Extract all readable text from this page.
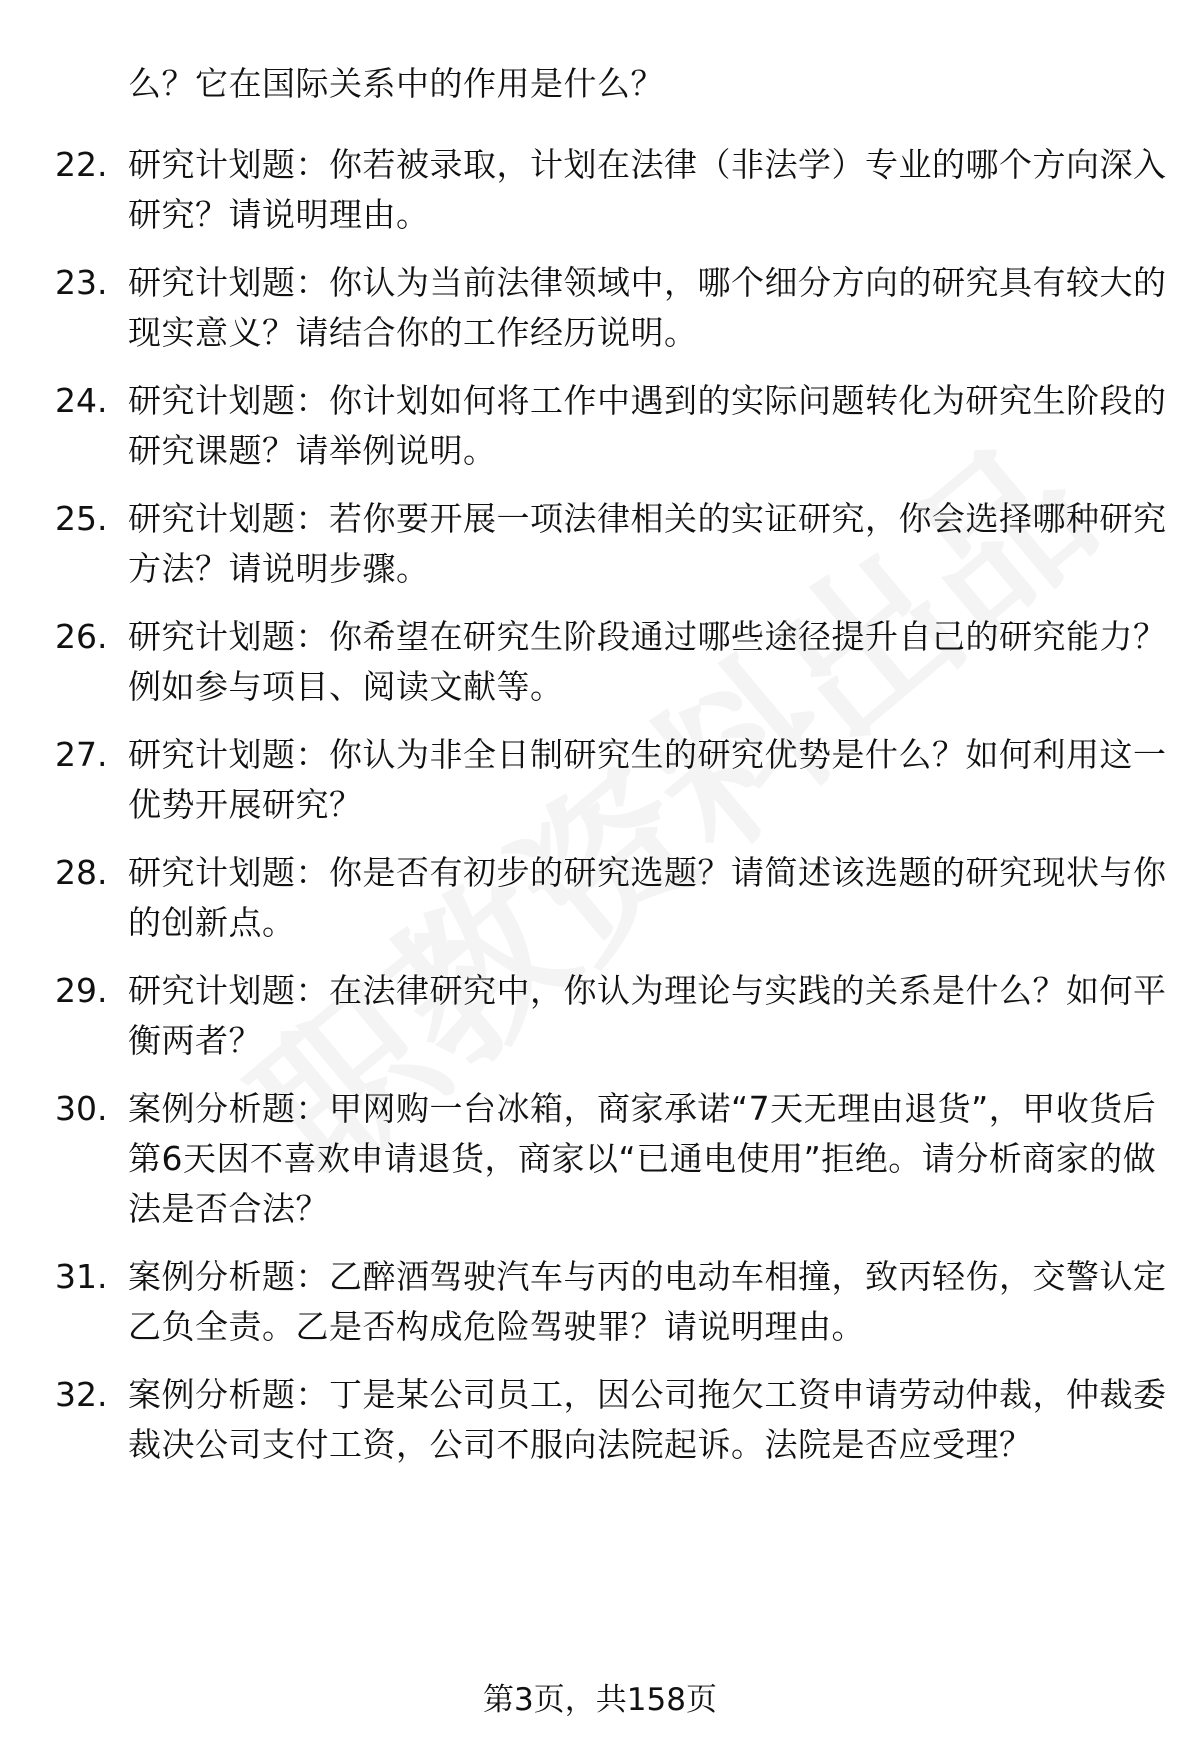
么？它在国际关系中的作用是什么？
22. 研究计划题：你若被录取，计划在法律（非法学）专业的哪个方向深入研究？请说明理由。
23. 研究计划题：你认为当前法律领域中，哪个细分方向的研究具有较大的现实意义？请结合你的工作经历说明。
24. 研究计划题：你计划如何将工作中遇到的实际问题转化为研究生阶段的研究课题？请举例说明。
25. 研究计划题：若你要开展一项法律相关的实证研究，你会选择哪种研究方法？请说明步骤。
26. 研究计划题：你希望在研究生阶段通过哪些途径提升自己的研究能力？例如参与项目、阅读文献等。
27. 研究计划题：你认为非全日制研究生的研究优势是什么？如何利用这一优势开展研究？
28. 研究计划题：你是否有初步的研究选题？请简述该选题的研究现状与你的创新点。
29. 研究计划题：在法律研究中，你认为理论与实践的关系是什么？如何平衡两者？
30. 案例分析题：甲网购一台冰箱，商家承诺“7天无理由退货”，甲收货后第6天因不喜欢申请退货，商家以“已通电使用”拒绝。请分析商家的做法是否合法？
31. 案例分析题：乙醉酒驾驶汽车与丙的电动车相撞，致丙轻伤，交警认定乙负全责。乙是否构成危险驾驶罪？请说明理由。
32. 案例分析题：丁是某公司员工，因公司拖欠工资申请劳动仲裁，仲裁委裁决公司支付工资，公司不服向法院起诉。法院是否应受理？
第3页，共158页
